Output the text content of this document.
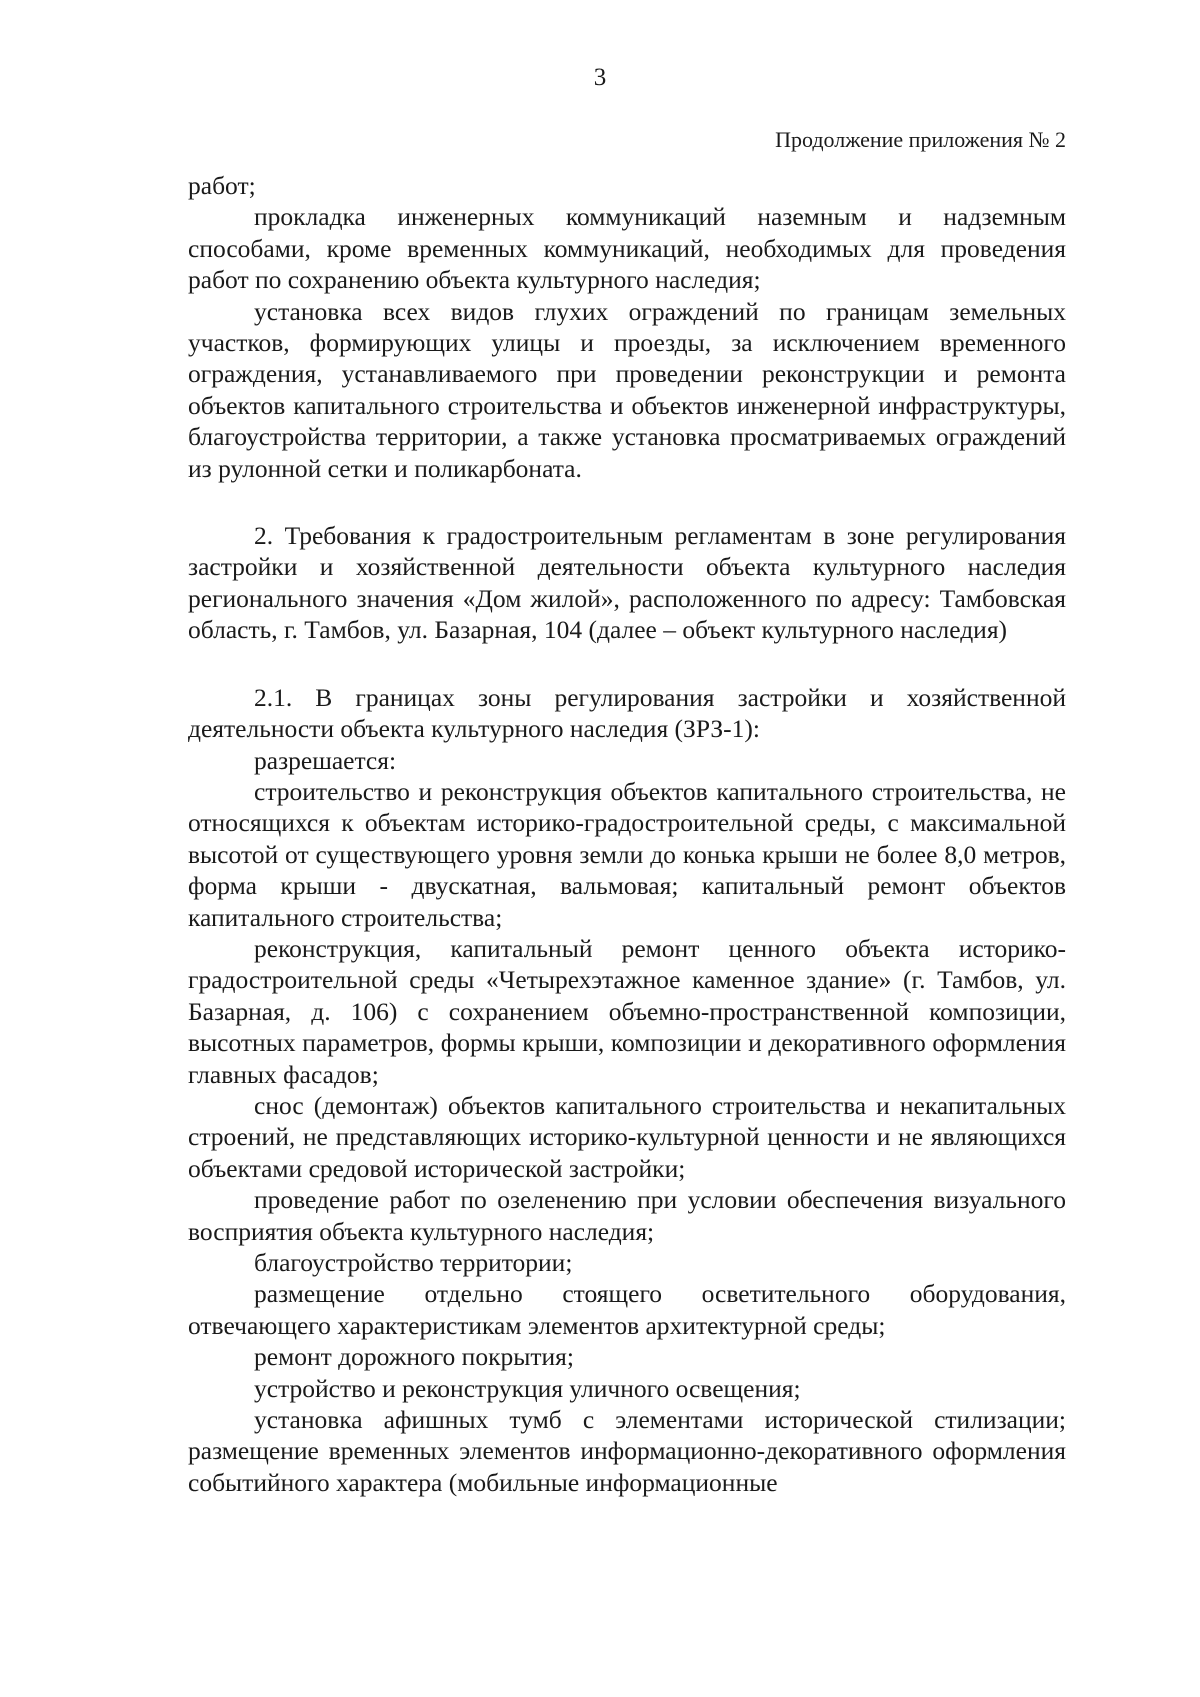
3
Продолжение приложения № 2

работ;

прокладка инженерных коммуникаций наземным и надземным способами, кроме временных коммуникаций, необходимых для проведения работ по сохранению объекта культурного наследия;

установка всех видов глухих ограждений по границам земельных участков, формирующих улицы и проезды, за исключением временного ограждения, устанавливаемого при проведении реконструкции и ремонта объектов капитального строительства и объектов инженерной инфраструктуры, благоустройства территории, а также установка просматриваемых ограждений из рулонной сетки и поликарбоната.

2. Требования к градостроительным регламентам в зоне регулирования застройки и хозяйственной деятельности объекта культурного наследия регионального значения «Дом жилой», расположенного по адресу: Тамбовская область, г. Тамбов, ул. Базарная, 104 (далее – объект культурного наследия)

2.1. В границах зоны регулирования застройки и хозяйственной деятельности объекта культурного наследия (ЗРЗ-1):

разрешается:

строительство и реконструкция объектов капитального строительства, не относящихся к объектам историко-градостроительной среды, с максимальной высотой от существующего уровня земли до конька крыши не более 8,0 метров, форма крыши - двускатная, вальмовая; капитальный ремонт объектов капитального строительства;

реконструкция, капитальный ремонт ценного объекта историко-градостроительной среды «Четырехэтажное каменное здание» (г. Тамбов, ул. Базарная, д. 106) с сохранением объемно-пространственной композиции, высотных параметров, формы крыши, композиции и декоративного оформления главных фасадов;

снос (демонтаж) объектов капитального строительства и некапитальных строений, не представляющих историко-культурной ценности и не являющихся объектами средовой исторической застройки;

проведение работ по озеленению при условии обеспечения визуального восприятия объекта культурного наследия;

благоустройство территории;

размещение отдельно стоящего осветительного оборудования, отвечающего характеристикам элементов архитектурной среды;

ремонт дорожного покрытия;

устройство и реконструкция уличного освещения;

установка афишных тумб с элементами исторической стилизации; размещение временных элементов информационно-декоративного оформления событийного характера (мобильные информационные
